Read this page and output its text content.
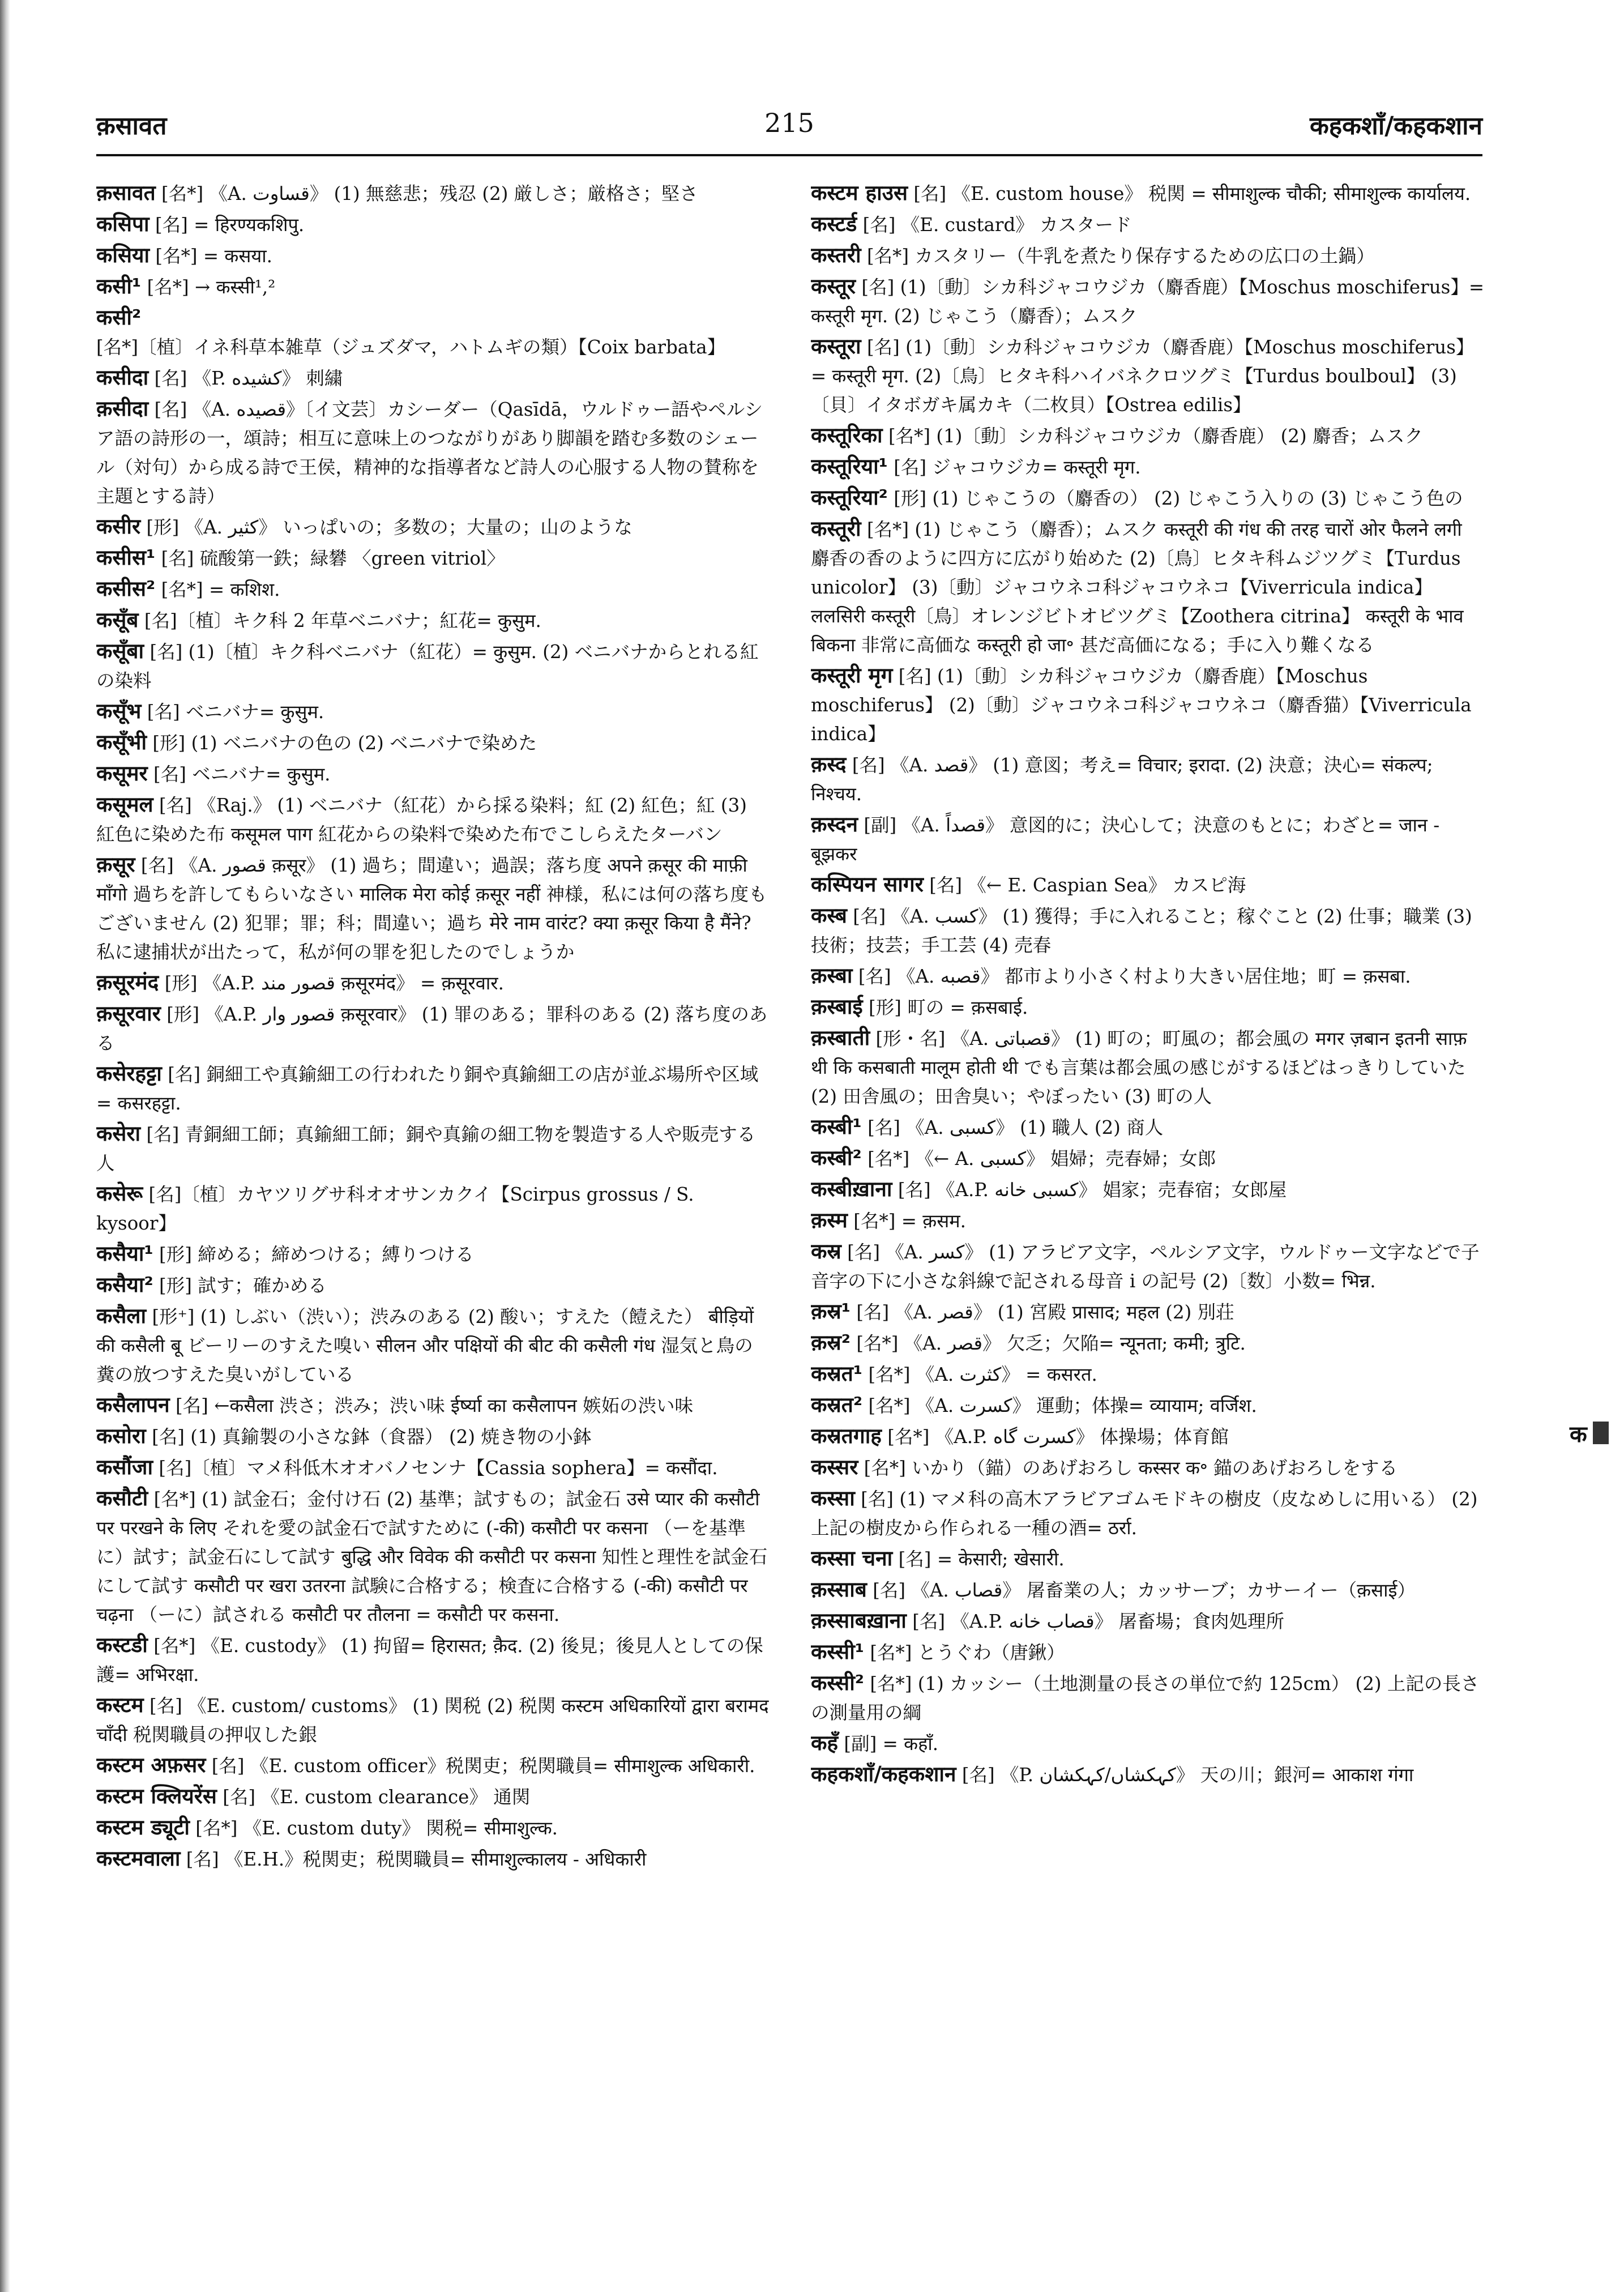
क़सावत	215	कहकशाँ/कहकशान

क़सावत [名*] 《A. قساوت》 (1) 無慈悲；残忍 (2) 厳しさ；厳格さ；堅さ

कसिपा [名] = हिरण्यकशिपु.

कसिया [名*] = कसया.

कसी¹ [名*] → कस्सी¹,²

कसी² [名*]〔植〕イネ科草本雑草（ジュズダマ，ハトムギの類）【Coix barbata】

कसीदा [名] 《P. کشیده》 刺繍

क़सीदा [名] 《A. قصیده》〔イ文芸〕カシーダー（Qasīdā，ウルドゥー語やペルシア語の詩形の一，頌詩；相互に意味上のつながりがあり脚韻を踏む多数のシェール（対句）から成る詩で王侯，精神的な指導者など詩人の心服する人物の賛称を主題とする詩）

कसीर [形] 《A. کثیر》 いっぱいの；多数の；大量の；山のような

कसीस¹ [名] 硫酸第一鉄；緑礬 〈green vitriol〉

कसीस² [名*] = कशिश.

कसूँब [名]〔植〕キク科 2 年草ベニバナ；紅花= कुसुम.

कसूँबा [名] (1)〔植〕キク科ベニバナ（紅花）= कुसुम. (2) ベニバナからとれる紅の染料

कसूँभ [名] ベニバナ= कुसुम.

कसूँभी [形] (1) ベニバナの色の (2) ベニバナで染めた

कसूमर [名] ベニバナ= कुसुम.

कसूमल [名] 《Raj.》 (1) ベニバナ（紅花）から採る染料；紅 (2) 紅色；紅 (3) 紅色に染めた布 कसूमल पाग 紅花からの染料で染めた布でこしらえたターバン

क़सूर [名] 《A. قصور क़सूर》 (1) 過ち；間違い；過誤；落ち度 अपने क़सूर की माफ़ी माँगो 過ちを許してもらいなさい मालिक मेरा कोई क़सूर नहीं 神様，私には何の落ち度もございません (2) 犯罪；罪；科；間違い；過ち मेरे नाम वारंट? क्या क़सूर किया है मैंने? 私に逮捕状が出たって，私が何の罪を犯したのでしょうか

क़सूरमंद [形] 《A.P. قصور مند क़सूरमंद》 = क़सूरवार.

क़सूरवार [形] 《A.P. قصور وار क़सूरवार》 (1) 罪のある；罪科のある (2) 落ち度のある

कसेरहट्टा [名] 銅細工や真鍮細工の行われたり銅や真鍮細工の店が並ぶ場所や区域= कसरहट्टा.

कसेरा [名] 青銅細工師；真鍮細工師；銅や真鍮の細工物を製造する人や販売する人

कसेरू [名]〔植〕カヤツリグサ科オオサンカクイ【Scirpus grossus / S. kysoor】

कसैया¹ [形] 締める；締めつける；縛りつける

कसैया² [形] 試す；確かめる

कसैला [形⁺] (1) しぶい（渋い）；渋みのある (2) 酸い；すえた（饐えた） बीड़ियों की कसैली बू ビーリーのすえた嗅い सीलन और पक्षियों की बीट की कसैली गंध 湿気と鳥の糞の放つすえた臭いがしている

कसैलापन [名] ←कसैला 渋さ；渋み；渋い味 ईर्ष्या का कसैलापन 嫉妬の渋い味

कसोरा [名] (1) 真鍮製の小さな鉢（食器） (2) 焼き物の小鉢

कसौंजा [名]〔植〕マメ科低木オオバノセンナ【Cassia sophera】= कसौंदा.

कसौटी [名*] (1) 試金石；金付け石 (2) 基準；試すもの；試金石 उसे प्यार की कसौटी पर परखने के लिए それを愛の試金石で試すために (-की) कसौटी पर कसना （ーを基準に）試す；試金石にして試す बुद्धि और विवेक की कसौटी पर कसना 知性と理性を試金石にして試す कसौटी पर खरा उतरना 試験に合格する；検査に合格する (-की) कसौटी पर चढ़ना （ーに）試される कसौटी पर तौलना = कसौटी पर कसना.

कस्टडी [名*] 《E. custody》 (1) 拘留= हिरासत; क़ैद. (2) 後見；後見人としての保護= अभिरक्षा.

कस्टम [名] 《E. custom/ customs》 (1) 関税 (2) 税関 कस्टम अधिकारियों द्वारा बरामद चाँदी 税関職員の押収した銀

कस्टम अफ़सर [名] 《E. custom officer》税関吏；税関職員= सीमाशुल्क अधिकारी.

कस्टम क्लियरेंस [名] 《E. custom clearance》 通関

कस्टम ड्यूटी [名*] 《E. custom duty》 関税= सीमाशुल्क.

कस्टमवाला [名] 《E.H.》税関吏；税関職員= सीमाशुल्कालय - अधिकारी

कस्टम हाउस [名] 《E. custom house》 税関 = सीमाशुल्क चौकी; सीमाशुल्क कार्यालय.

कस्टर्ड [名] 《E. custard》 カスタード

कस्तरी [名*] カスタリー（牛乳を煮たり保存するための広口の土鍋）

कस्तूर [名] (1)〔動〕シカ科ジャコウジカ（麝香鹿）【Moschus moschiferus】= कस्तूरी मृग. (2) じゃこう（麝香）；ムスク

कस्तूरा [名] (1)〔動〕シカ科ジャコウジカ（麝香鹿）【Moschus moschiferus】= कस्तूरी मृग. (2)〔鳥〕ヒタキ科ハイバネクロツグミ【Turdus boulboul】 (3)〔貝〕イタボガキ属カキ（二枚貝）【Ostrea edilis】

कस्तूरिका [名*] (1)〔動〕シカ科ジャコウジカ（麝香鹿） (2) 麝香；ムスク

कस्तूरिया¹ [名] ジャコウジカ= कस्तूरी मृग.

कस्तूरिया² [形] (1) じゃこうの（麝香の） (2) じゃこう入りの (3) じゃこう色の

कस्तूरी [名*] (1) じゃこう（麝香）；ムスク कस्तूरी की गंध की तरह चारों ओर फैलने लगी 麝香の香のように四方に広がり始めた (2)〔鳥〕ヒタキ科ムジツグミ【Turdus unicolor】 (3)〔動〕ジャコウネコ科ジャコウネコ【Viverricula indica】 ललसिरी कस्तूरी〔鳥〕オレンジビトオビツグミ【Zoothera citrina】 कस्तूरी के भाव बिकना 非常に高価な कस्तूरी हो जा॰ 甚だ高価になる；手に入り難くなる

कस्तूरी मृग [名] (1)〔動〕シカ科ジャコウジカ（麝香鹿）【Moschus moschiferus】 (2)〔動〕ジャコウネコ科ジャコウネコ（麝香猫）【Viverricula indica】

क़स्द [名] 《A. قصد》 (1) 意図；考え= विचार; इरादा. (2) 決意；決心= संकल्प; निश्चय.

क़स्दन [副] 《A. قصداً》 意図的に；決心して；決意のもとに；わざと= जान - बूझकर

कस्पियन सागर [名] 《← E. Caspian Sea》 カスピ海

कस्ब [名] 《A. کسب》 (1) 獲得；手に入れること；稼ぐこと (2) 仕事；職業 (3) 技術；技芸；手工芸 (4) 売春

क़स्बा [名] 《A. قصبه》 都市より小さく村より大きい居住地；町 = क़सबा.

क़स्बाई [形] 町の = क़सबाई.

क़स्बाती [形・名] 《A. قصباتی》 (1) 町の；町風の；都会風の मगर ज़बान इतनी साफ़ थी कि कसबाती मालूम होती थी でも言葉は都会風の感じがするほどはっきりしていた (2) 田舎風の；田舎臭い；やぼったい (3) 町の人

कस्बी¹ [名] 《A. کسبی》 (1) 職人 (2) 商人

कस्बी² [名*] 《← A. کسبی》 娼婦；売春婦；女郎

कस्बीख़ाना [名] 《A.P. کسبی خانه》 娼家；売春宿；女郎屋

क़स्म [名*] = क़सम.

कस्र [名] 《A. کسر》 (1) アラビア文字，ペルシア文字，ウルドゥー文字などで子音字の下に小さな斜線で記される母音 i の記号 (2)〔数〕小数= भिन्न.

क़स्र¹ [名] 《A. قصر》 (1) 宮殿 प्रासाद; महल (2) 別荘

क़स्र² [名*] 《A. قصر》 欠乏；欠陥= न्यूनता; कमी; त्रुटि.

कस्रत¹ [名*] 《A. کثرت》 = कसरत.

कस्रत² [名*] 《A. کسرت》 運動；体操= व्यायाम; वर्जिश.

कस्रतगाह [名*] 《A.P. کسرت گاه》 体操場；体育館

कस्सर [名*] いかり（錨）のあげおろし कस्सर क॰ 錨のあげおろしをする

कस्सा [名] (1) マメ科の高木アラビアゴムモドキの樹皮（皮なめしに用いる） (2) 上記の樹皮から作られる一種の酒= ठर्रा.

कस्सा चना [名] = केसारी; खेसारी.

क़स्साब [名] 《A. قصاب》 屠畜業の人；カッサーブ；カサーイー（क़साई）

क़स्साबख़ाना [名] 《A.P. قصاب خانه》 屠畜場；食肉処理所

कस्सी¹ [名*] とうぐわ（唐鍬）

कस्सी² [名*] (1) カッシー（土地測量の長さの単位で約 125cm） (2) 上記の長さの測量用の綱

कहँ [副] = कहाँ.

कहकशाँ/कहकशान [名] 《P. کہکشاں/کہکشان》 天の川；銀河= आकाश गंगा

क
